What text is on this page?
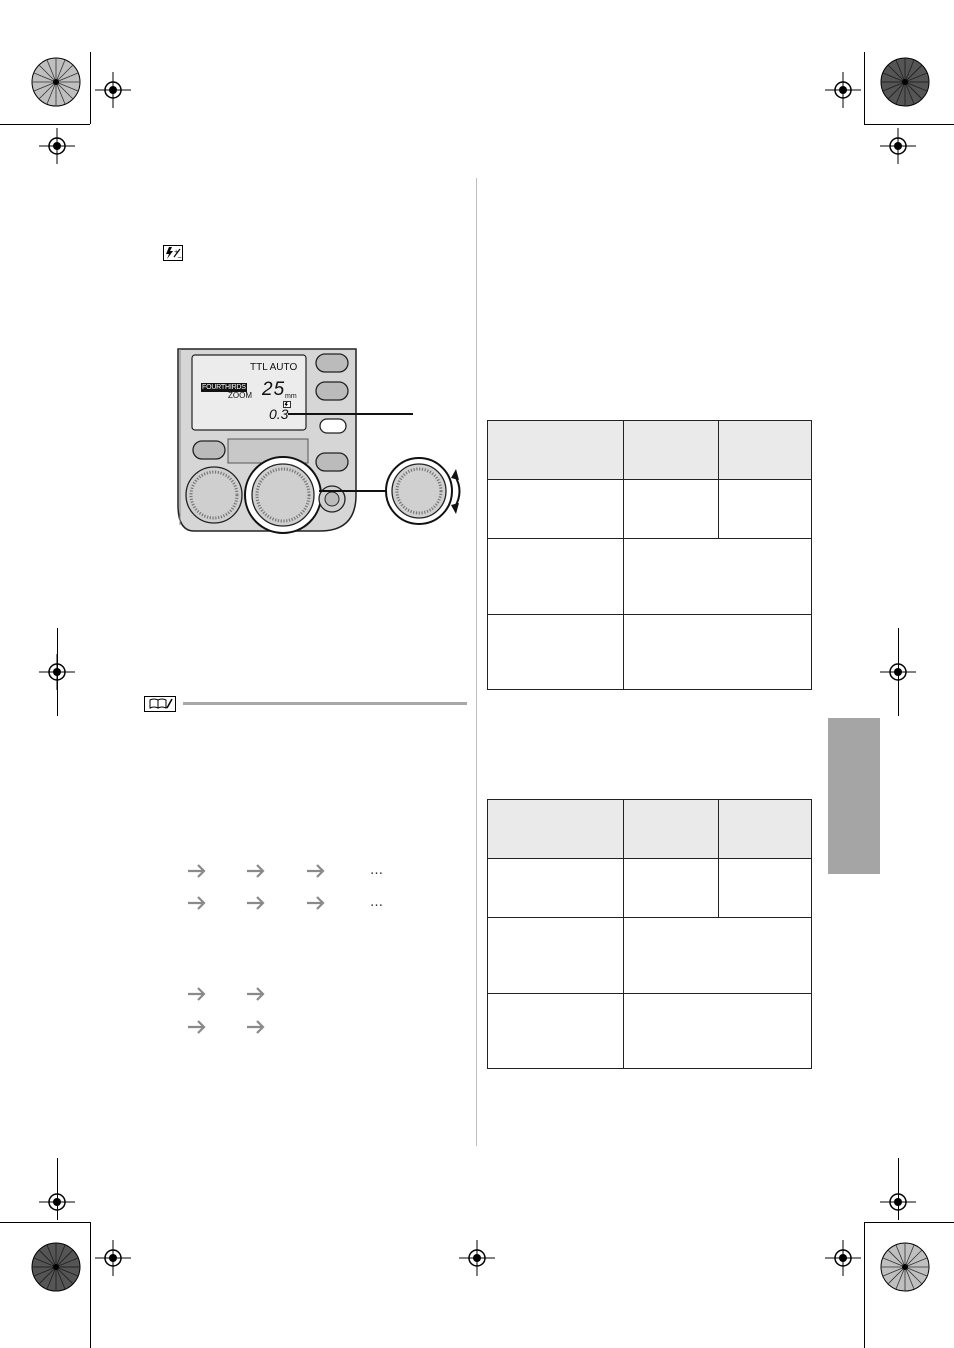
+
−
TTL AUTO
FOURTHIRDS
ZOOM 25 mm
0.3
…
…
